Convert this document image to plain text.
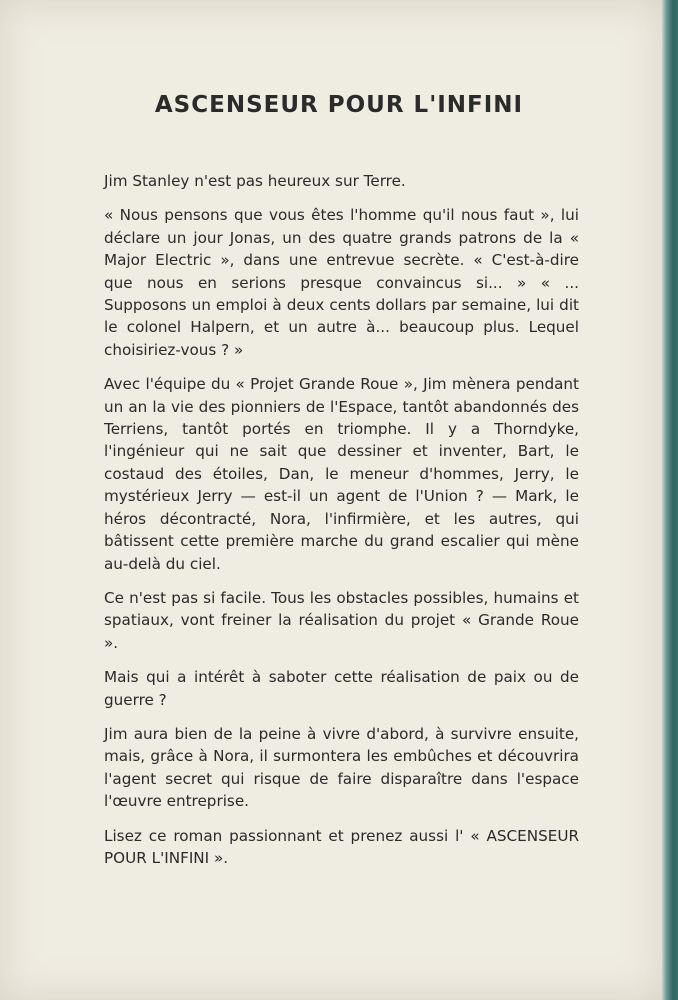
ASCENSEUR POUR L'INFINI

Jim Stanley n'est pas heureux sur Terre.

« Nous pensons que vous êtes l'homme qu'il nous faut », lui déclare un jour Jonas, un des quatre grands patrons de la « Major Electric », dans une entrevue secrète. « C'est-à-dire que nous en serions presque convaincus si... » « ... Supposons un emploi à deux cents dollars par semaine, lui dit le colonel Halpern, et un autre à... beaucoup plus. Lequel choisiriez-vous ? »

Avec l'équipe du « Projet Grande Roue », Jim mènera pendant un an la vie des pionniers de l'Espace, tantôt abandonnés des Terriens, tantôt portés en triomphe. Il y a Thorndyke, l'ingénieur qui ne sait que dessiner et inventer, Bart, le costaud des étoiles, Dan, le meneur d'hommes, Jerry, le mystérieux Jerry — est-il un agent de l'Union ? — Mark, le héros décontracté, Nora, l'infirmière, et les autres, qui bâtissent cette première marche du grand escalier qui mène au-delà du ciel.

Ce n'est pas si facile. Tous les obstacles possibles, humains et spatiaux, vont freiner la réalisation du projet « Grande Roue ».

Mais qui a intérêt à saboter cette réalisation de paix ou de guerre ?

Jim aura bien de la peine à vivre d'abord, à survivre ensuite, mais, grâce à Nora, il surmontera les embûches et découvrira l'agent secret qui risque de faire disparaître dans l'espace l'œuvre entreprise.

Lisez ce roman passionnant et prenez aussi l' « ASCENSEUR POUR L'INFINI ».
